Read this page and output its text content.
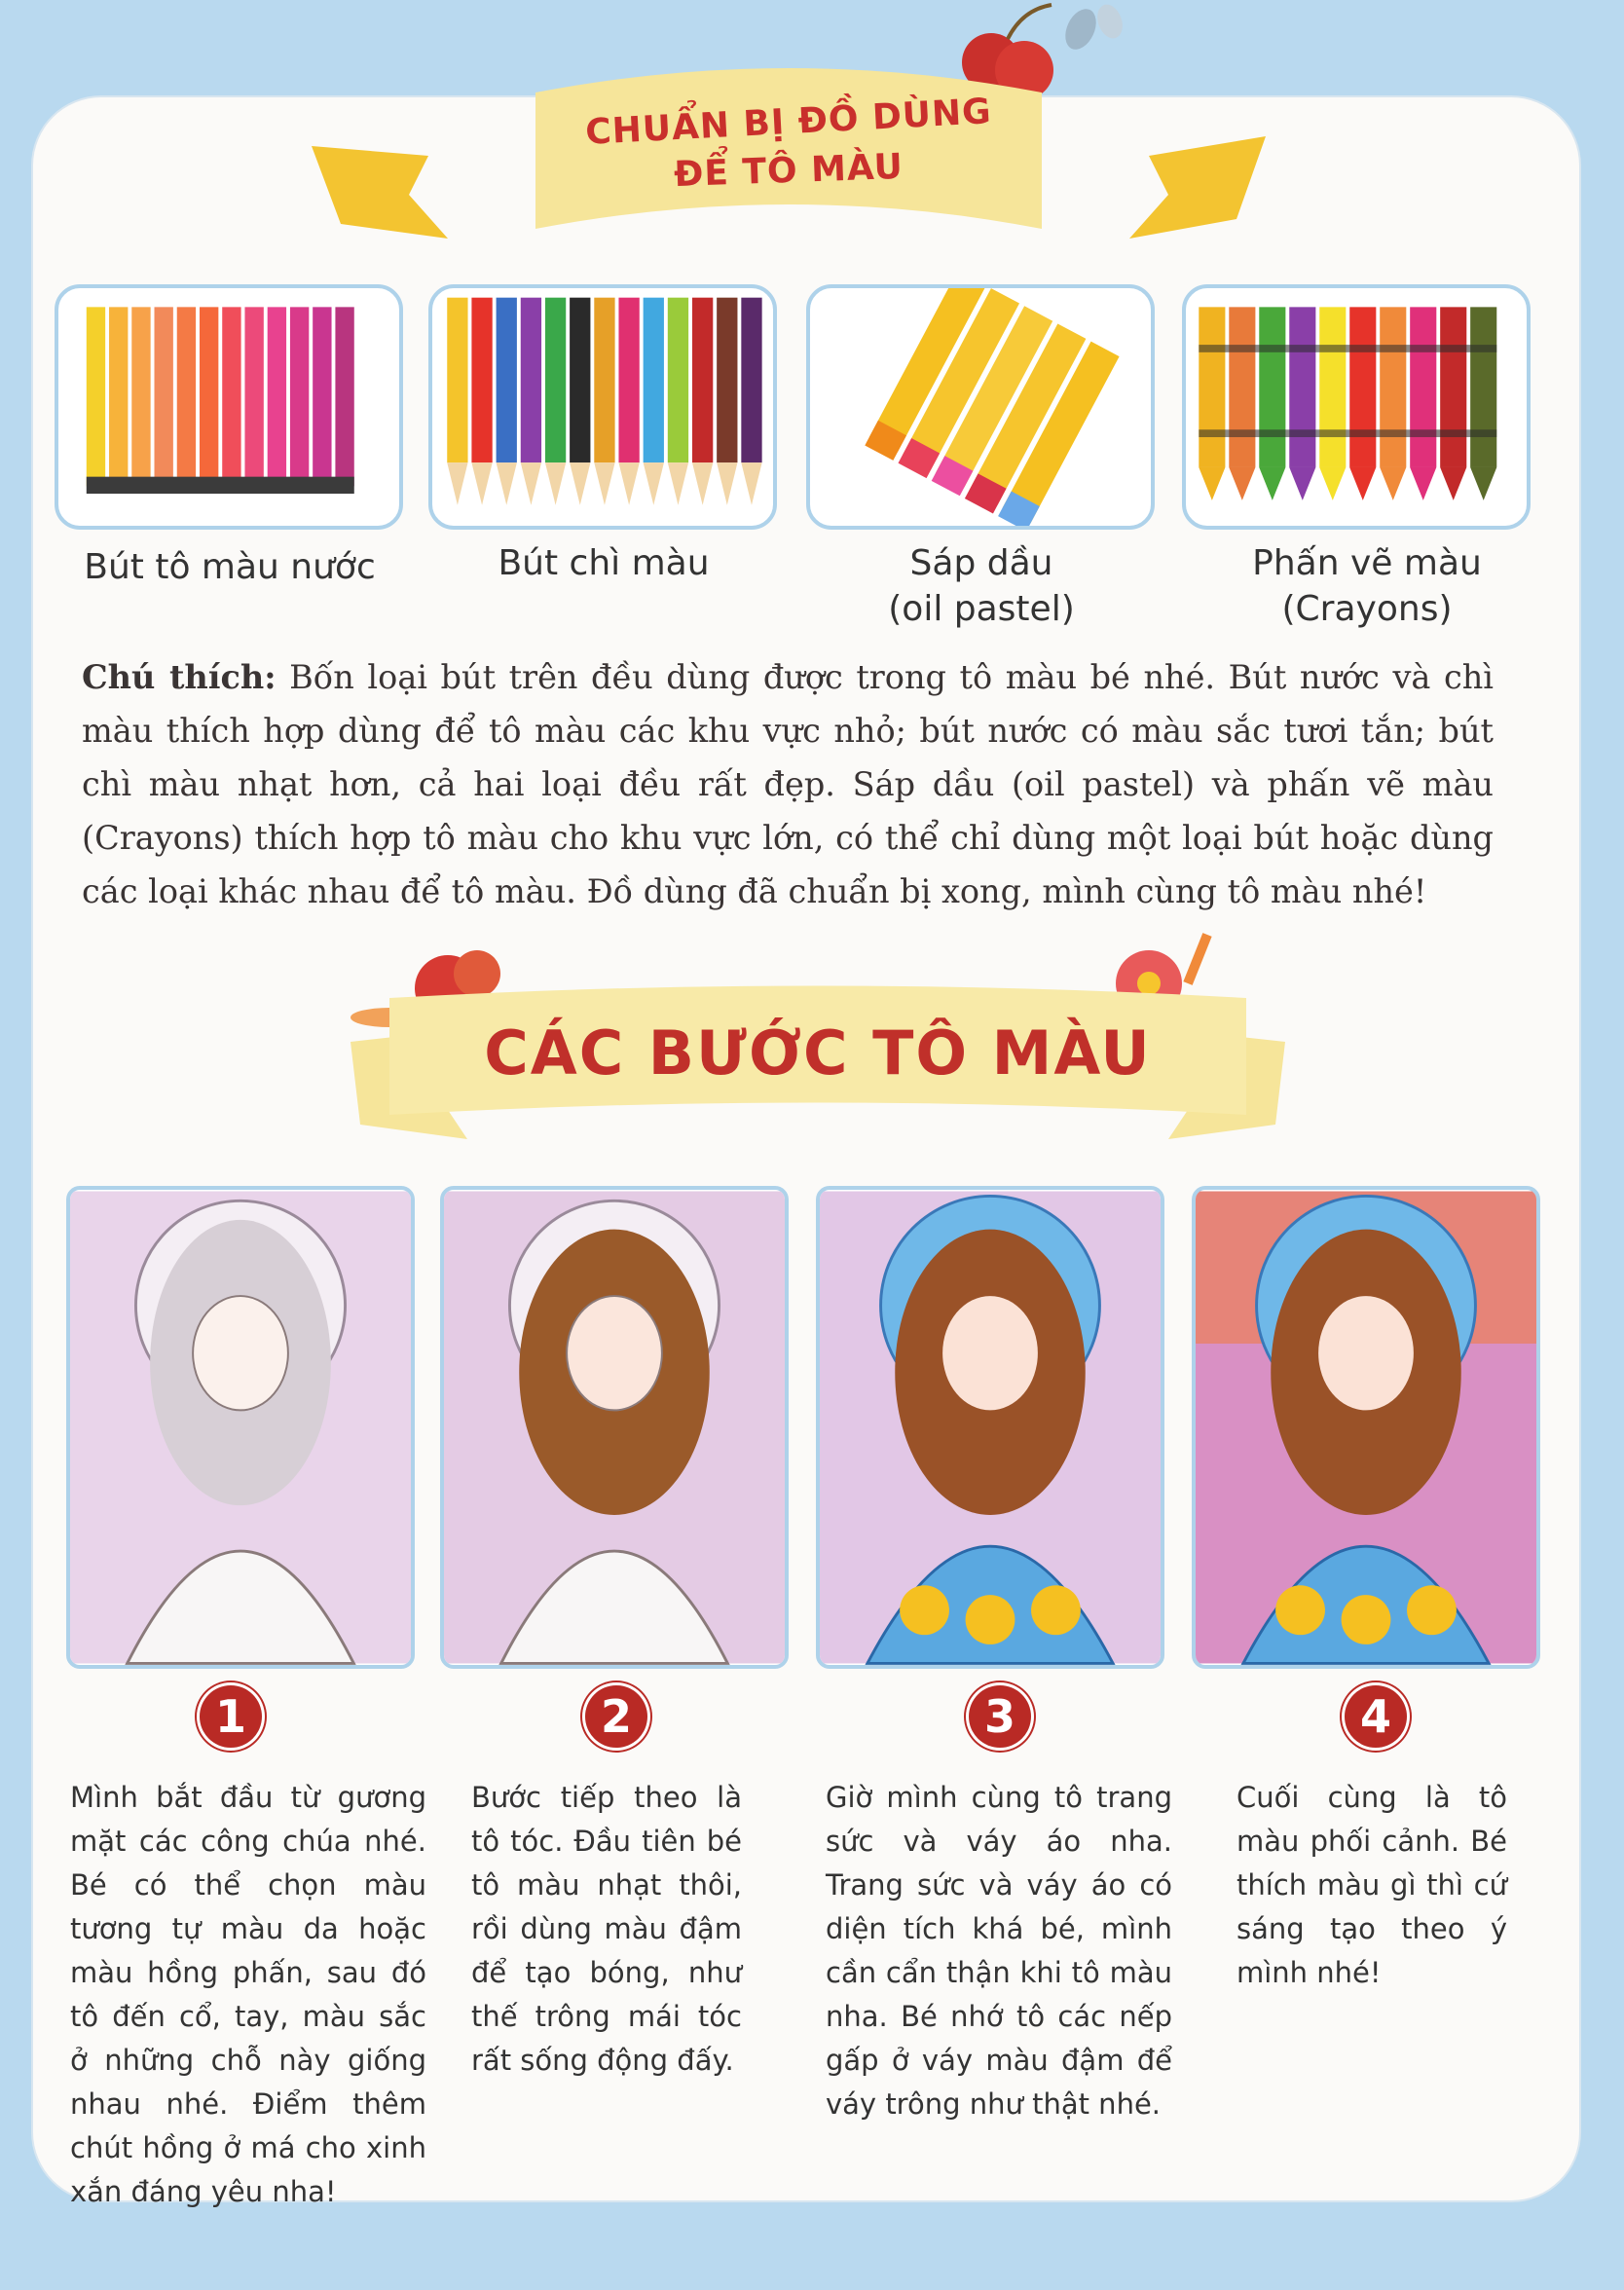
CHUẨN BỊ ĐỒ DÙNG
ĐỂ TÔ MÀU
Bút tô màu nước	Bút chì màu	Sáp dầu
(oil pastel)
Phấn vẽ màu
(Crayons)
Chú thích: Bốn loại bút trên đều dùng được trong tô màu bé nhé. Bút nước và chì màu thích hợp dùng để tô màu các khu vực nhỏ; bút nước có màu sắc tươi tắn; bút chì màu nhạt hơn, cả hai loại đều rất đẹp. Sáp dầu (oil pastel) và phấn vẽ màu (Crayons) thích hợp tô màu cho khu vực lớn, có thể chỉ dùng một loại bút hoặc dùng các loại khác nhau để tô màu. Đồ dùng đã chuẩn bị xong, mình cùng tô màu nhé!
CÁC BƯỚC TÔ MÀU
1	2	3	4
Mình bắt đầu từ gương mặt các công chúa nhé. Bé có thể chọn màu tương tự màu da hoặc màu hồng phấn, sau đó tô đến cổ, tay, màu sắc ở những chỗ này giống nhau nhé. Điểm thêm chút hồng ở má cho xinh xắn đáng yêu nha!
Bước tiếp theo là tô tóc. Đầu tiên bé tô màu nhạt thôi, rồi dùng màu đậm để tạo bóng, như thế trông mái tóc rất sống động đấy.
Giờ mình cùng tô trang sức và váy áo nha. Trang sức và váy áo có diện tích khá bé, mình cần cẩn thận khi tô màu nha. Bé nhớ tô các nếp gấp ở váy màu đậm để váy trông như thật nhé.
Cuối cùng là tô màu phối cảnh. Bé thích màu gì thì cứ sáng tạo theo ý mình nhé!
